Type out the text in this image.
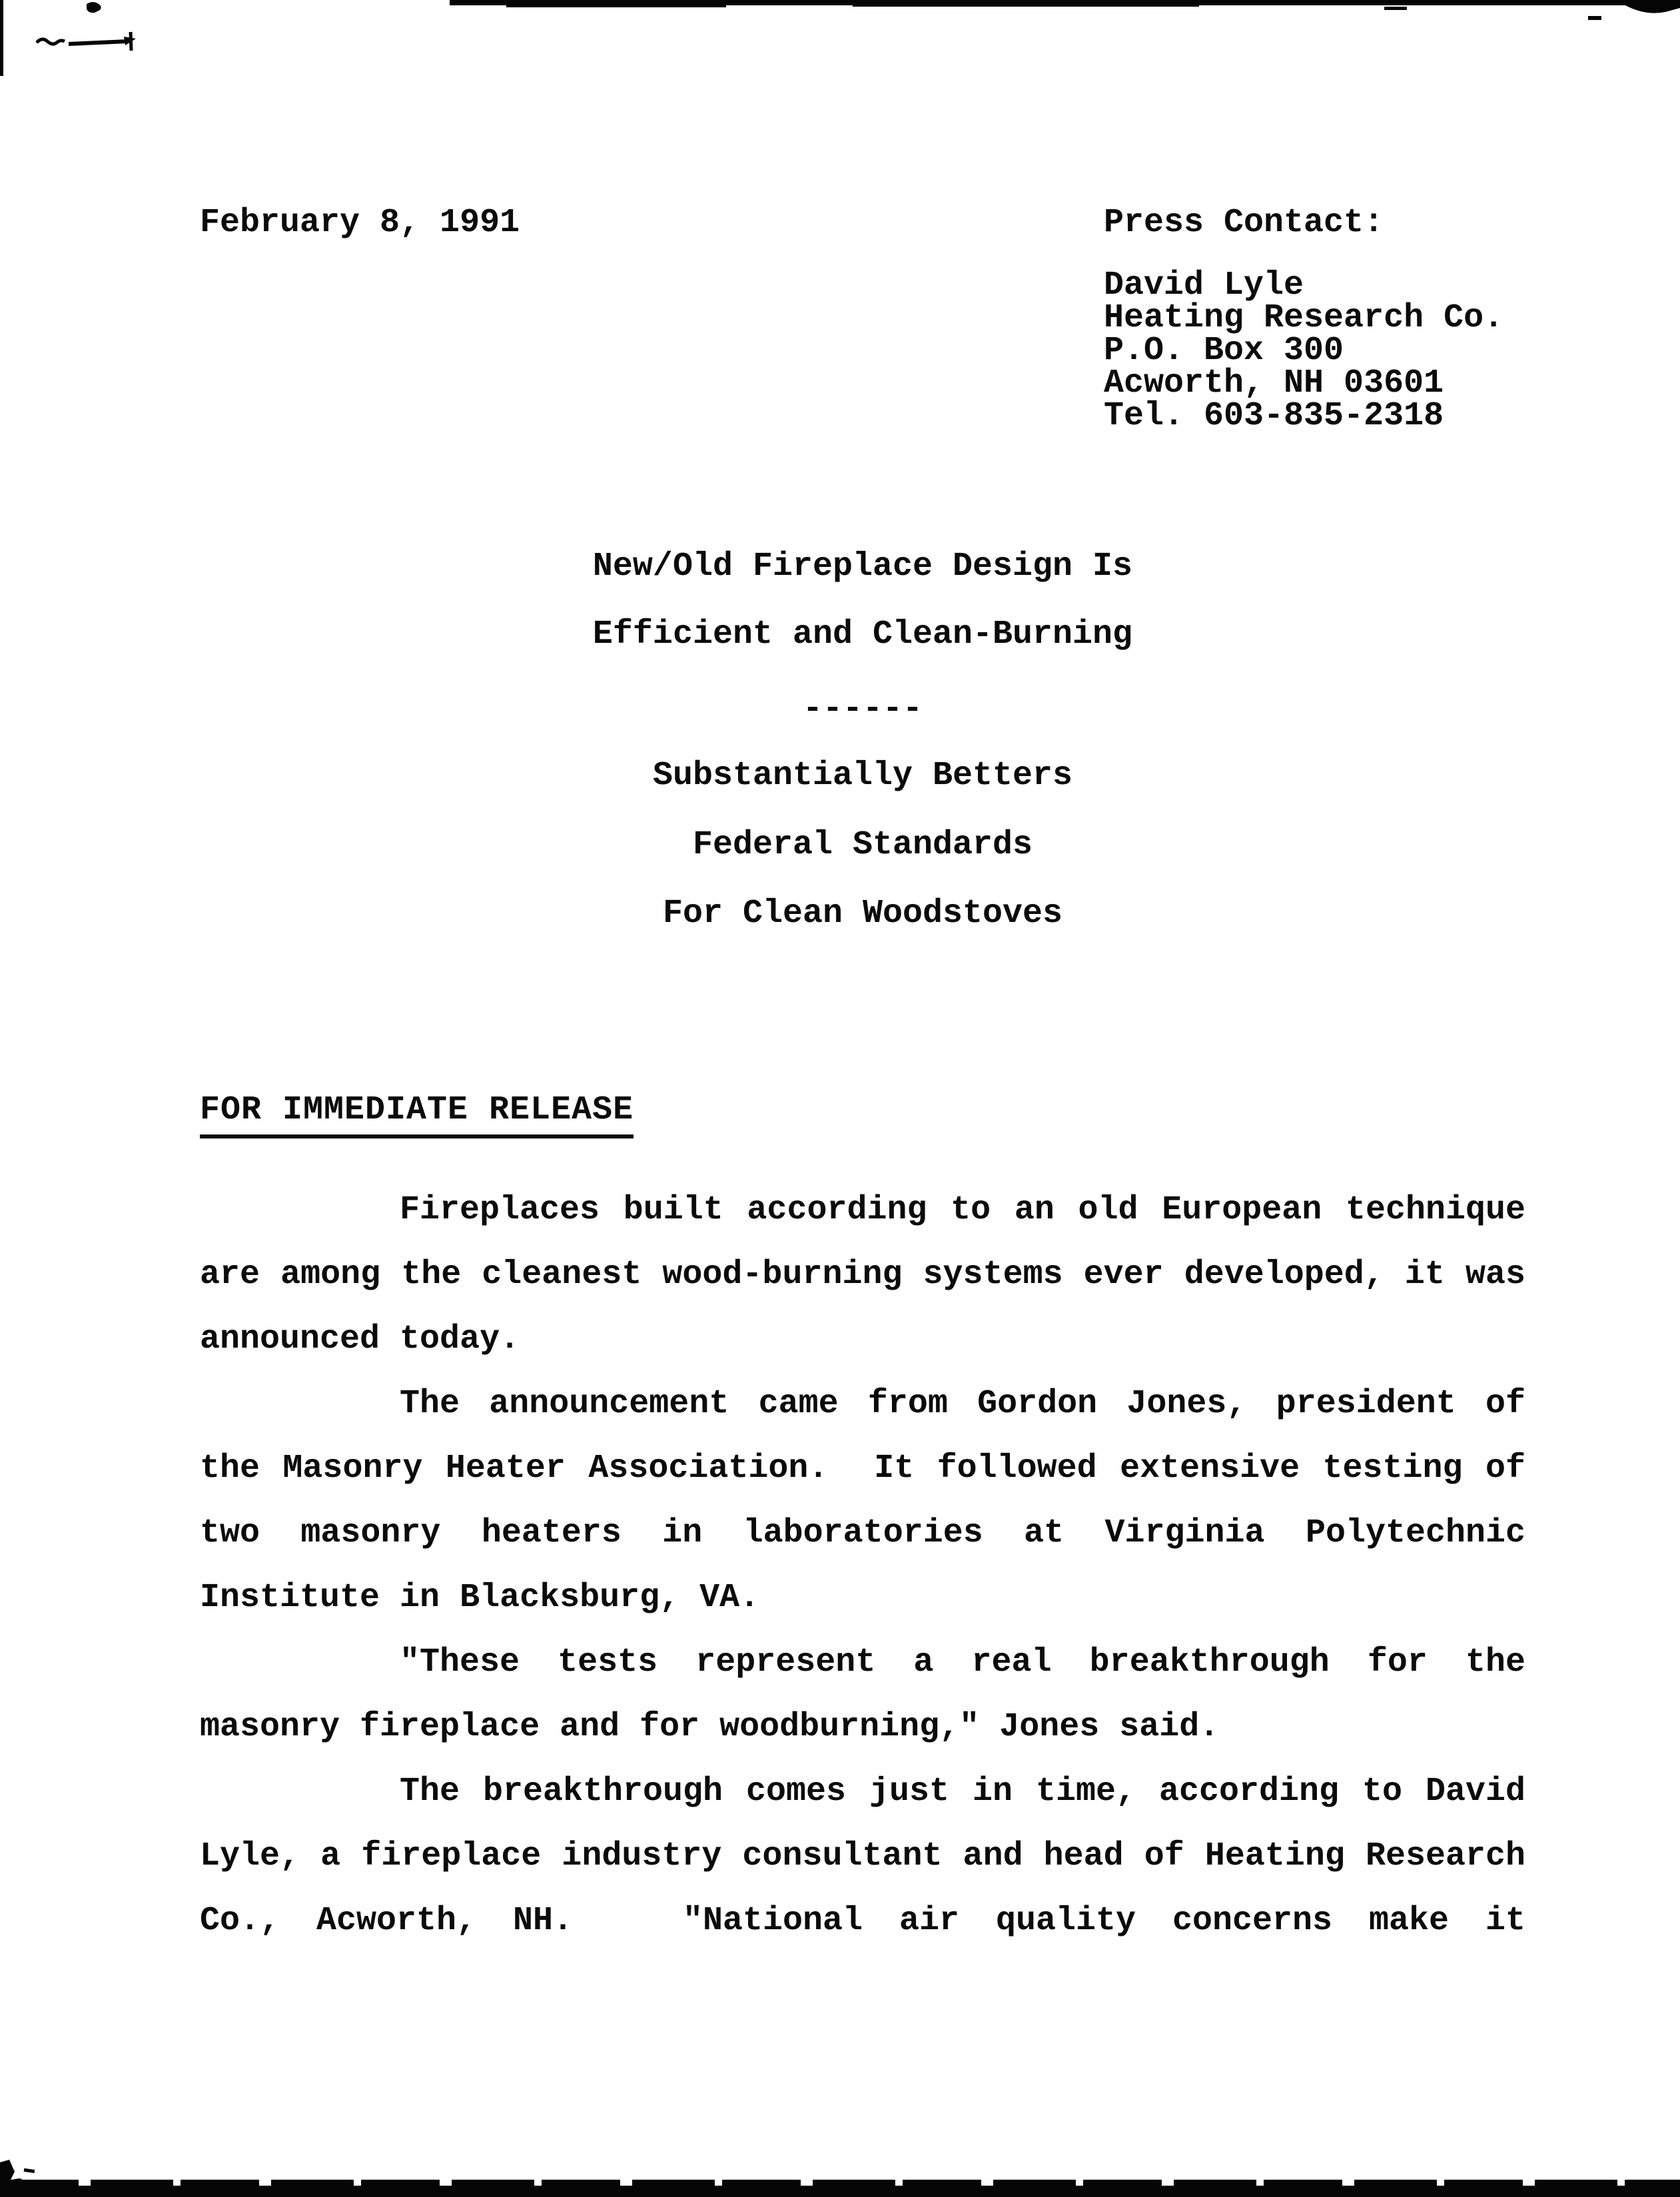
February 8, 1991	Press Contact:
David Lyle
Heating Research Co.
P.O. Box 300
Acworth, NH 03601
Tel. 603-835-2318
New/Old Fireplace Design Is
Efficient and Clean-Burning
------
Substantially Betters
Federal Standards
For Clean Woodstoves
FOR IMMEDIATE RELEASE
Fireplaces built according to an old European technique
are among the cleanest wood-burning systems ever developed, it was
announced today.
The announcement came from Gordon Jones, president of
the Masonry Heater Association.  It followed extensive testing of
two masonry heaters in laboratories at Virginia Polytechnic
Institute in Blacksburg, VA.
"These tests represent a real breakthrough for the
masonry fireplace and for woodburning," Jones said.
The breakthrough comes just in time, according to David
Lyle, a fireplace industry consultant and head of Heating Research
Co., Acworth, NH.   "National air quality concerns make it
